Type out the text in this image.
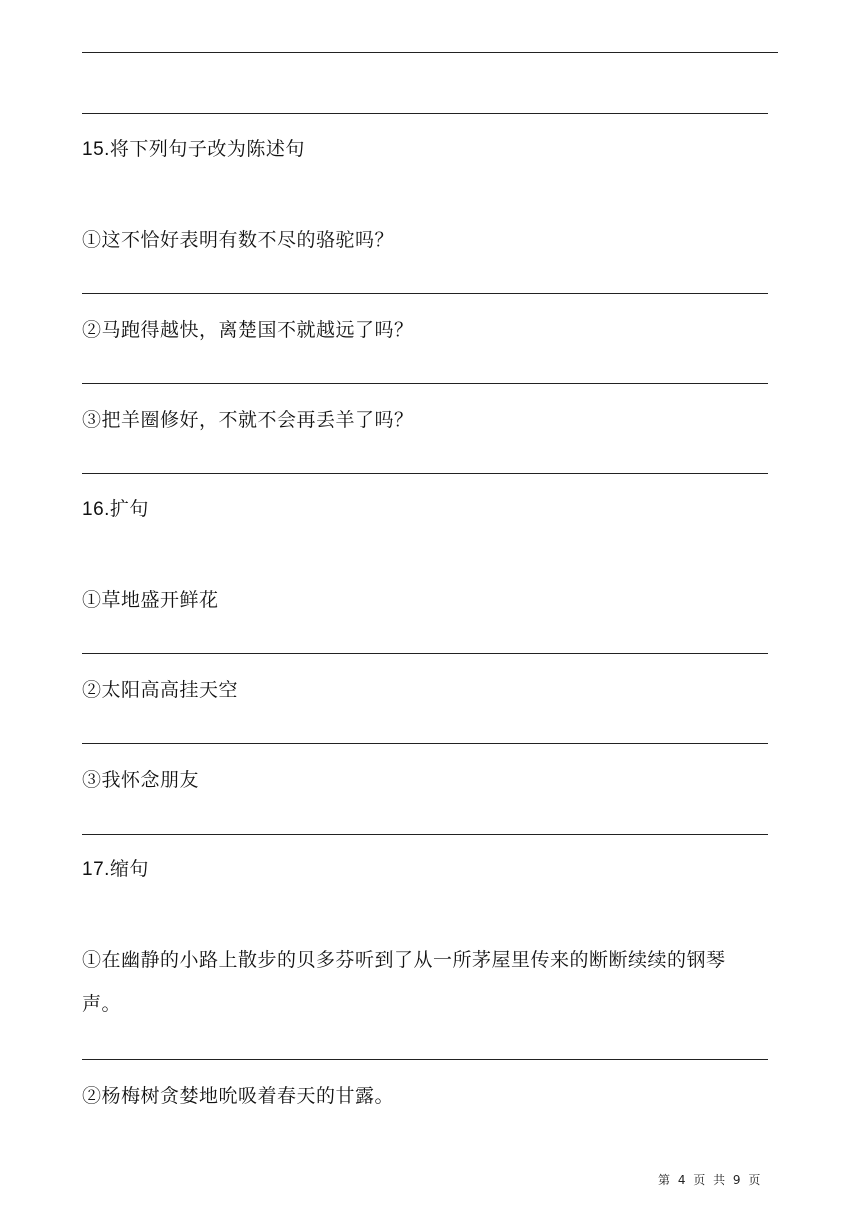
15.将下列句子改为陈述句
①这不恰好表明有数不尽的骆驼吗？
②马跑得越快，离楚国不就越远了吗？
③把羊圈修好，不就不会再丢羊了吗？
16.扩句
①草地盛开鲜花
②太阳高高挂天空
③我怀念朋友
17.缩句
①在幽静的小路上散步的贝多芬听到了从一所茅屋里传来的断断续续的钢琴
声。
②杨梅树贪婪地吮吸着春天的甘露。
第 4 页 共 9 页
